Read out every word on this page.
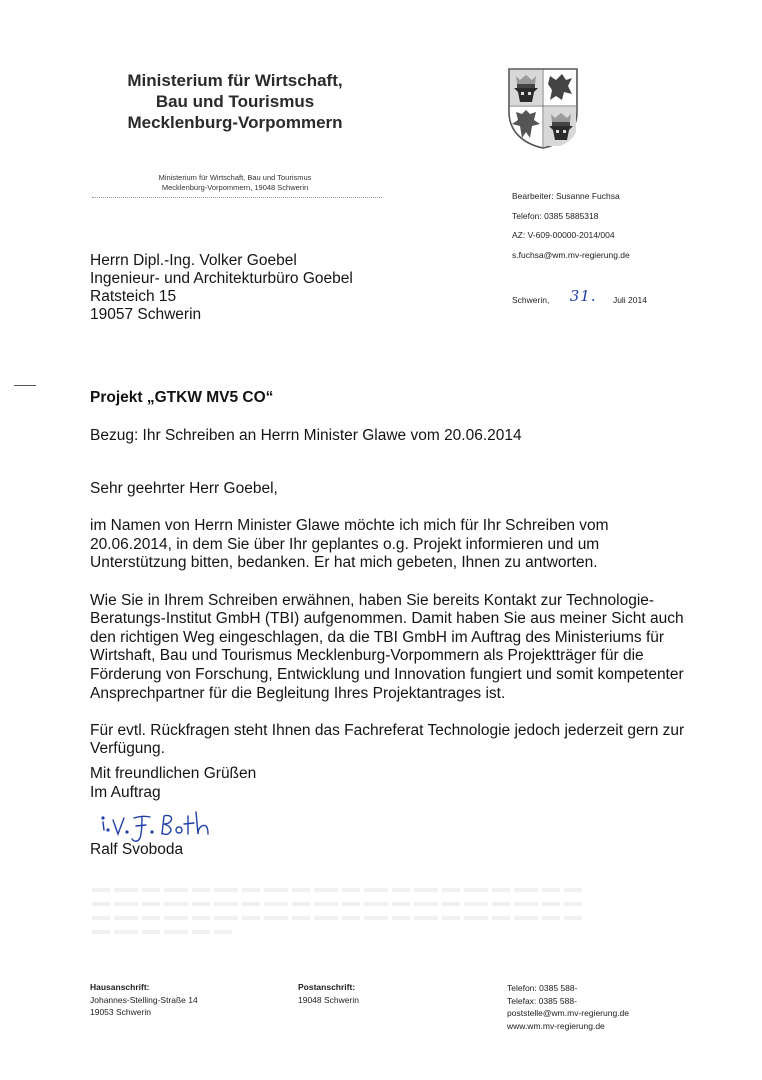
Ministerium für Wirtschaft,
Bau und Tourismus
Mecklenburg-Vorpommern
Ministerium für Wirtschaft, Bau und Tourismus
Mecklenburg-Vorpommern, 19048 Schwerin
Bearbeiter: Susanne Fuchsa
Telefon: 0385 5885318
AZ: V-609-00000-2014/004
s.fuchsa@wm.mv-regierung.de
Schwerin, 31. Juli 2014
Herrn Dipl.-Ing. Volker Goebel
Ingenieur- und Architekturbüro Goebel
Ratsteich 15
19057 Schwerin
Projekt „GTKW MV5 CO“
Bezug: Ihr Schreiben an Herrn Minister Glawe vom 20.06.2014

Sehr geehrter Herr Goebel,

im Namen von Herrn Minister Glawe möchte ich mich für Ihr Schreiben vom
20.06.2014, in dem Sie über Ihr geplantes o.g. Projekt informieren und um
Unterstützung bitten, bedanken. Er hat mich gebeten, Ihnen zu antworten.

Wie Sie in Ihrem Schreiben erwähnen, haben Sie bereits Kontakt zur Technologie-
Beratungs-Institut GmbH (TBI) aufgenommen. Damit haben Sie aus meiner Sicht auch
den richtigen Weg eingeschlagen, da die TBI GmbH im Auftrag des Ministeriums für
Wirtshaft, Bau und Tourismus Mecklenburg-Vorpommern als Projektträger für die
Förderung von Forschung, Entwicklung und Innovation fungiert und somit kompetenter
Ansprechpartner für die Begleitung Ihres Projektantrages ist.

Für evtl. Rückfragen steht Ihnen das Fachreferat Technologie jedoch jederzeit gern zur
Verfügung.

Mit freundlichen Grüßen
Im Auftrag
Ralf Svoboda
Hausanschrift:
Johannes-Stelling-Straße 14
19053 Schwerin
Postanschrift:
19048 Schwerin
Telefon: 0385 588-
Telefax: 0385 588-
poststelle@wm.mv-regierung.de
www.wm.mv-regierung.de
